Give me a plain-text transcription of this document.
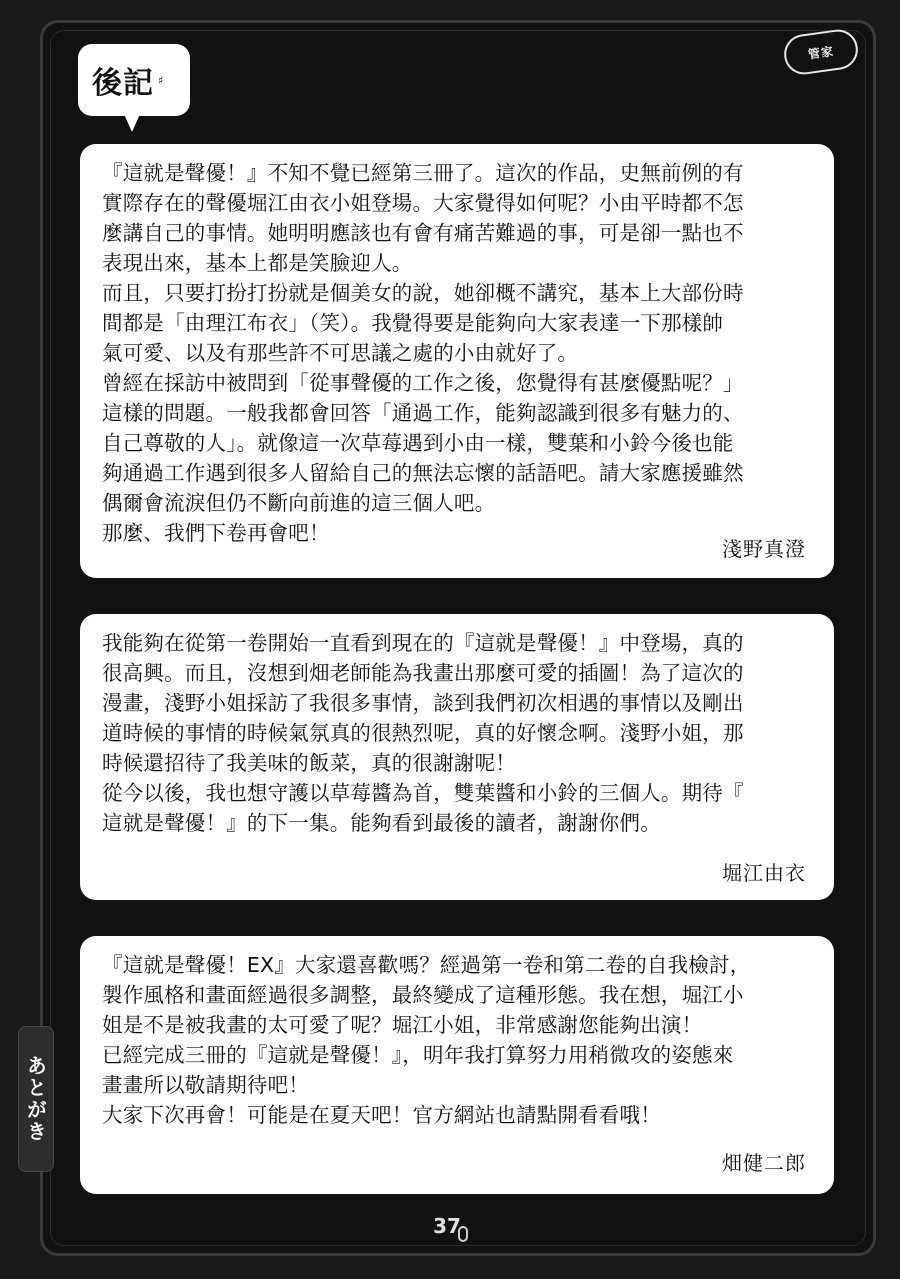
後記 ♯
管家

『這就是聲優！』不知不覺已經第三冊了。這次的作品，史無前例的有
實際存在的聲優堀江由衣小姐登場。大家覺得如何呢？小由平時都不怎
麼講自己的事情。她明明應該也有會有痛苦難過的事，可是卻一點也不
表現出來，基本上都是笑臉迎人。
而且，只要打扮打扮就是個美女的說，她卻概不講究，基本上大部份時
間都是「由理江布衣」（笑）。我覺得要是能夠向大家表達一下那樣帥
氣可愛、以及有那些許不可思議之處的小由就好了。
曾經在採訪中被問到「從事聲優的工作之後，您覺得有甚麼優點呢？」
這樣的問題。一般我都會回答「通過工作，能夠認識到很多有魅力的、
自己尊敬的人」。就像這一次草莓遇到小由一樣，雙葉和小鈴今後也能
夠通過工作遇到很多人留給自己的無法忘懷的話語吧。請大家應援雖然
偶爾會流淚但仍不斷向前進的這三個人吧。
那麼、我們下卷再會吧！

淺野真澄

我能夠在從第一卷開始一直看到現在的『這就是聲優！』中登場，真的
很高興。而且，沒想到畑老師能為我畫出那麼可愛的插圖！為了這次的
漫畫，淺野小姐採訪了我很多事情，談到我們初次相遇的事情以及剛出
道時候的事情的時候氣氛真的很熱烈呢，真的好懷念啊。淺野小姐，那
時候還招待了我美味的飯菜，真的很謝謝呢！
從今以後，我也想守護以草莓醬為首，雙葉醬和小鈴的三個人。期待『
這就是聲優！』的下一集。能夠看到最後的讀者，謝謝你們。

堀江由衣

『這就是聲優！EX』大家還喜歡嗎？經過第一卷和第二卷的自我檢討，
製作風格和畫面經過很多調整，最終變成了這種形態。我在想，堀江小
姐是不是被我畫的太可愛了呢？堀江小姐，非常感謝您能夠出演！
已經完成三冊的『這就是聲優！』，明年我打算努力用稍微攻的姿態來
畫畫所以敬請期待吧！
大家下次再會！可能是在夏天吧！官方網站也請點開看看哦！

畑健二郎
あとがき
37
